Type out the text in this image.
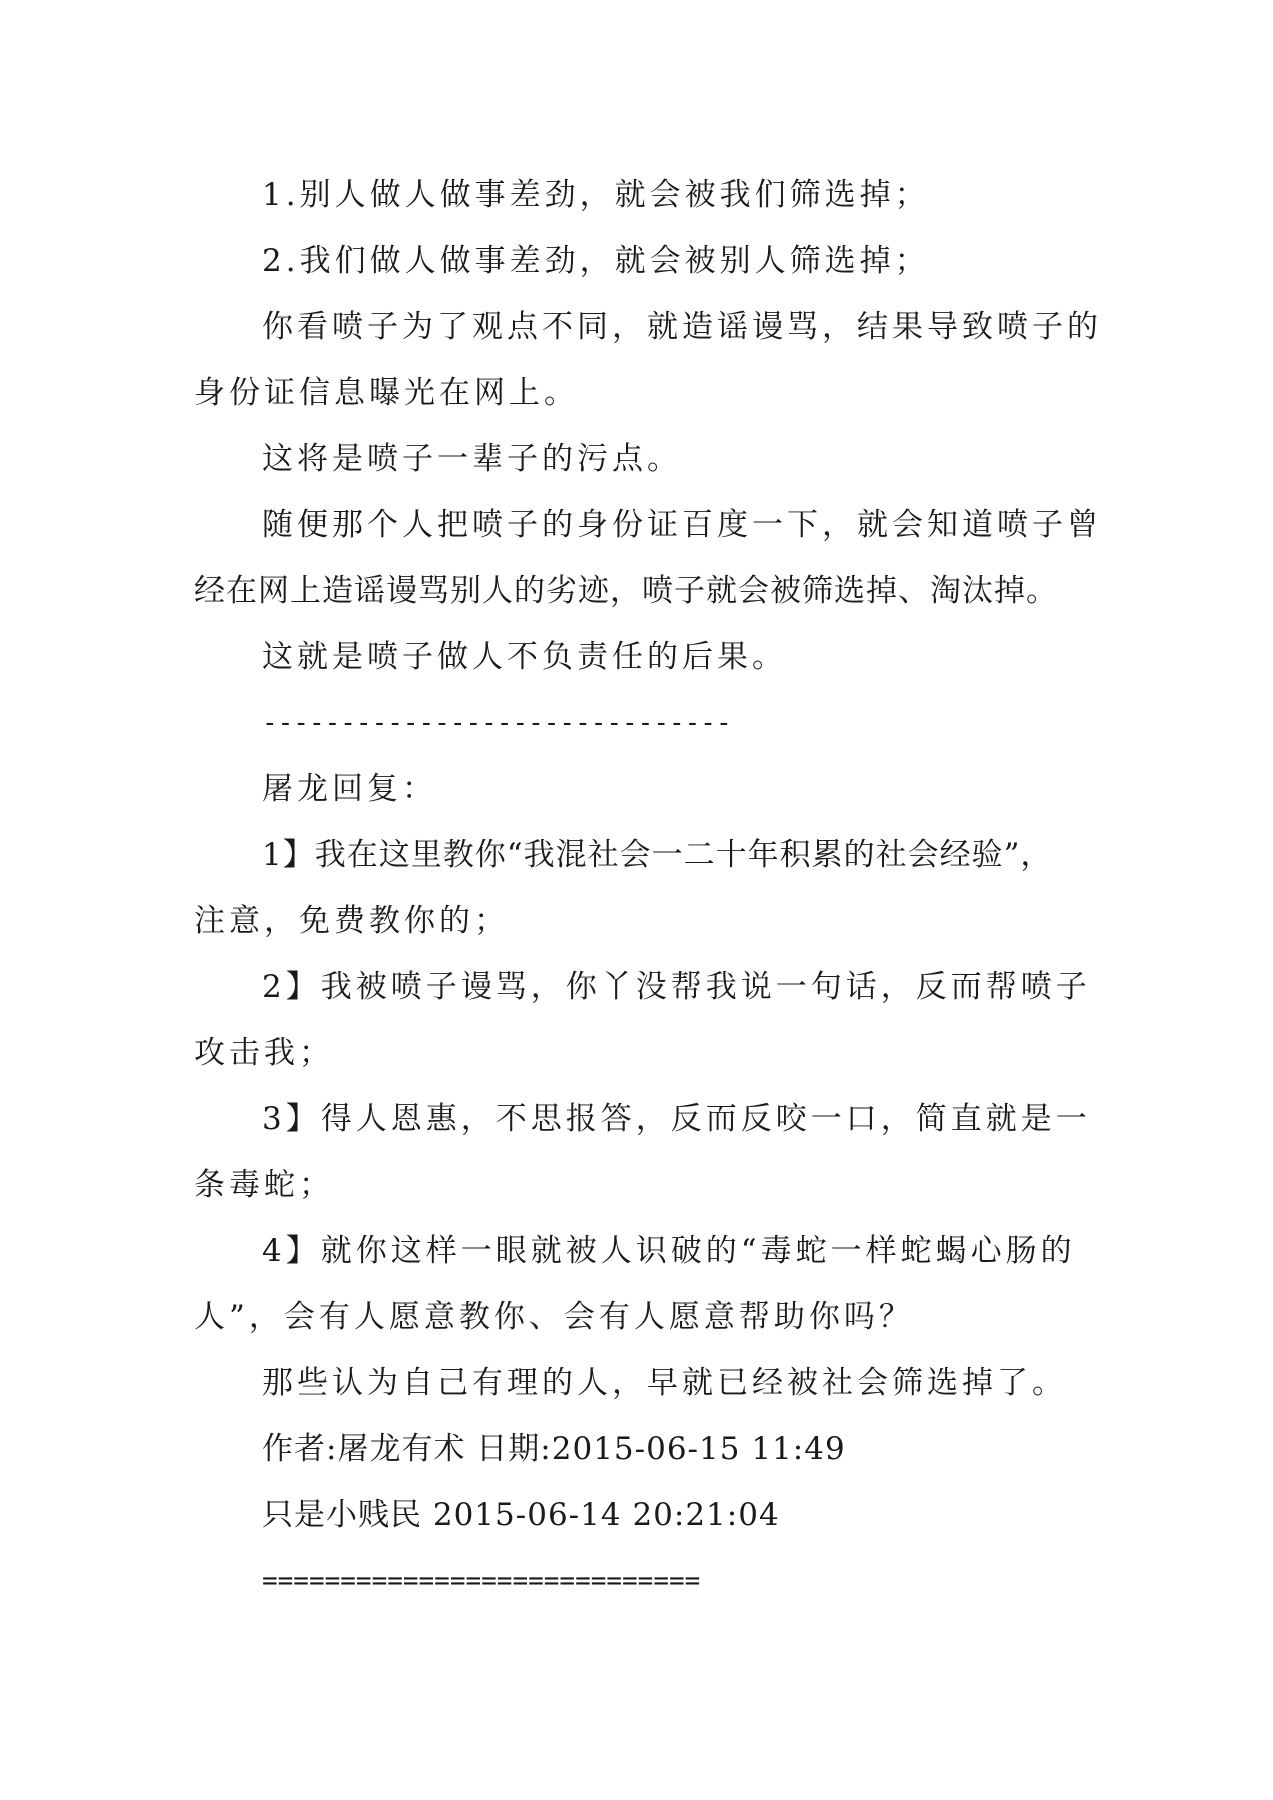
1.别人做人做事差劲，就会被我们筛选掉；
2.我们做人做事差劲，就会被别人筛选掉；
你看喷子为了观点不同，就造谣谩骂，结果导致喷子的
身份证信息曝光在网上。
这将是喷子一辈子的污点。
随便那个人把喷子的身份证百度一下，就会知道喷子曾
经在网上造谣谩骂别人的劣迹，喷子就会被筛选掉、淘汰掉。
这就是喷子做人不负责任的后果。
------------------------------
屠龙回复：
1】我在这里教你“我混社会一二十年积累的社会经验”，
注意，免费教你的；
2】我被喷子谩骂，你丫没帮我说一句话，反而帮喷子
攻击我；
3】得人恩惠，不思报答，反而反咬一口，简直就是一
条毒蛇；
4】就你这样一眼就被人识破的“毒蛇一样蛇蝎心肠的
人”，会有人愿意教你、会有人愿意帮助你吗？
那些认为自己有理的人，早就已经被社会筛选掉了。
作者:屠龙有术 日期:2015-06-15 11:49
只是小贱民 2015-06-14 20:21:04
============================
